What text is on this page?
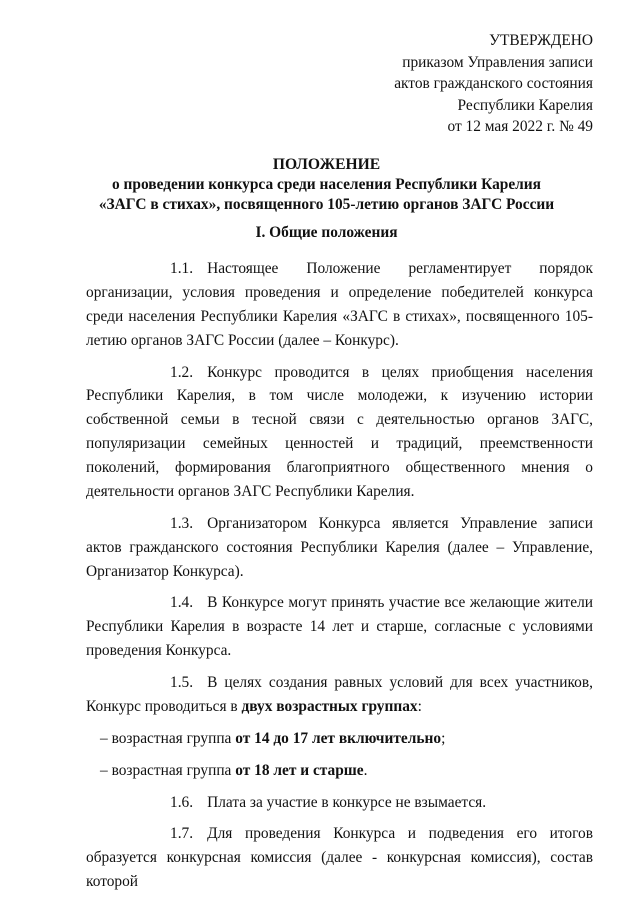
УТВЕРЖДЕНО
приказом Управления записи
актов гражданского состояния
Республики Карелия
от 12 мая 2022 г. № 49
ПОЛОЖЕНИЕ
о проведении конкурса среди населения Республики Карелия
«ЗАГС в стихах», посвященного 105-летию органов ЗАГС России
I. Общие положения

1.1. Настоящее Положение регламентирует порядок организации, условия проведения и определение победителей конкурса среди населения Республики Карелия «ЗАГС в стихах», посвященного 105-летию органов ЗАГС России (далее – Конкурс).

1.2. Конкурс проводится в целях приобщения населения Республики Карелия, в том числе молодежи, к изучению истории собственной семьи в тесной связи с деятельностью органов ЗАГС, популяризации семейных ценностей и традиций, преемственности поколений, формирования благоприятного общественного мнения о деятельности органов ЗАГС Республики Карелия.

1.3. Организатором Конкурса является Управление записи актов гражданского состояния Республики Карелия (далее – Управление, Организатор Конкурса).

1.4. В Конкурсе могут принять участие все желающие жители Республики Карелия в возрасте 14 лет и старше, согласные с условиями проведения Конкурса.

1.5. В целях создания равных условий для всех участников, Конкурс проводиться в двух возрастных группах:

– возрастная группа от 14 до 17 лет включительно;

– возрастная группа от 18 лет и старше.

1.6. Плата за участие в конкурсе не взымается.

1.7. Для проведения Конкурса и подведения его итогов образуется конкурсная комиссия (далее - конкурсная комиссия), состав которой
